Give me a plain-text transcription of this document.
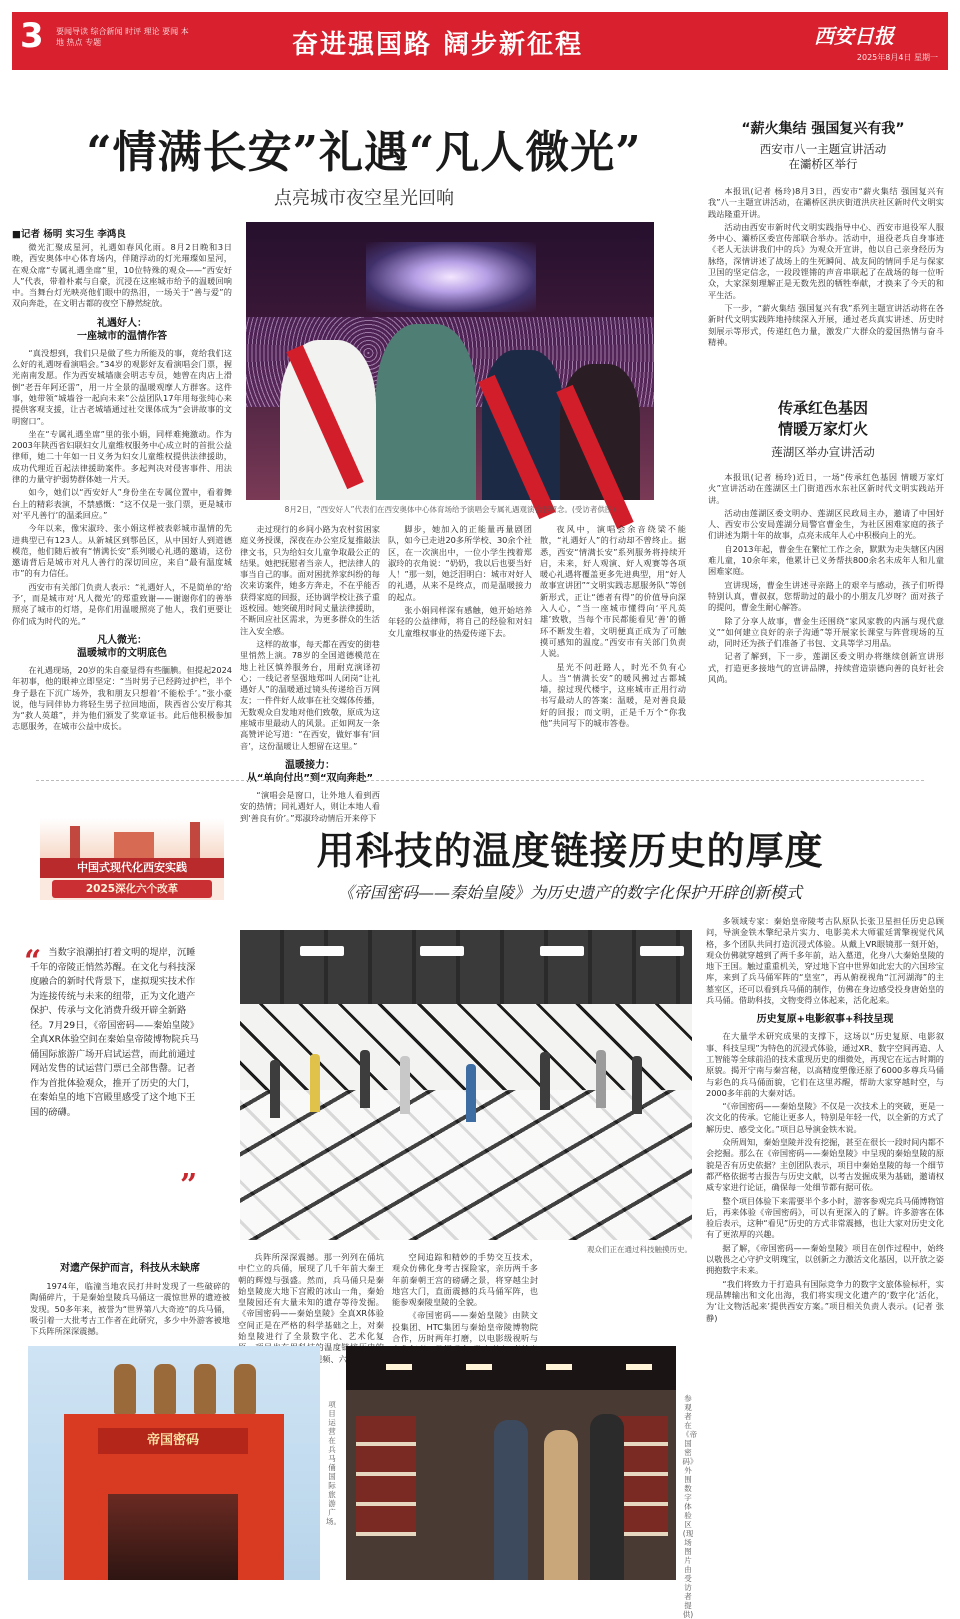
3 要闻导读 综合新闻 时评 理论 要闻 本地 热点 专题	奋进强国路 阔步新征程	西安日报
2025年8月4日 星期一
“情满长安”礼遇“凡人微光”
点亮城市夜空星光回响
■记者 杨明 实习生 李鸿良

微光汇聚成星河，礼遇如春风化雨。8月2日晚和3日晚，西安奥体中心体育场内，伴随浮动的灯光璀璨如星河，在观众席“专属礼遇坐席”里，10位特殊的观众——“西安好人”代表，带着朴素与自豪，沉浸在这座城市给予的温暖回响中。当舞台灯光映亮他们眼中的热泪，一场关于“善与爱”的双向奔赴，在文明古都的夜空下静然绽放。

礼遇好人：
一座城市的温情作答

“真没想到，我们只是做了些力所能及的事，竟给我们这么好的礼遇呀看演唱会。”34岁的观影好友看演唱会门票，握光南南发愿。作为西安城墙康会明志专员，她曾在肉店上滑倒“老吾年阿还雷”，用一片全景的温暖观摩人方群客。这件事，她带领“城墙谷一起向未来”公益团队17年用每张纯心来提供客观支援，让古老城墙通过社交课体成为“会讲故事的文明窗口”。

坐在“专属礼遇坐席”里的张小娟，同样难掩激动。作为2003年陕西省妇联妇女儿童维权服务中心成立时的首批公益律师，她二十年如一日义务为妇女儿童维权提供法律援助，成功代理近百起法律援助案件。多起判决对侵害事件、用法律的力量守护弱势群体她一片天。

如今，她们以“西安好人”身份坐在专属位置中，看着舞台上的精彩表演，不禁感慨：“这不仅是一张门票，更是城市对‘平凡善行’的温柔回应。”

今年以来，像宋淑玲、张小娟这样被表彰城市温情的先进典型已有123人。从新城区到鄠邑区，从中国好人到道德模范，他们随后被有“情满长安”系列暖心礼遇的邀请，这份邀请背后是城市对凡人善行的深切回应，来自“最有温度城市”的有力信任。

西安市有关部门负责人表示：“礼遇好人，不是简单的‘给予’，而是城市对‘凡人微光’的郑重致谢——谢谢你们的善举照亮了城市的灯塔，是你们用温暖照亮了他人，我们更要让你们成为时代的光。”

凡人微光：
温暖城市的文明底色

在礼遇现场，20岁的朱自豪显得有些腼腆。但提起2024年初事，他的眼神立即坚定：“当时男子已经跨过护栏，半个身子悬在下沉广场外，我和朋友只想着‘不能松手’。”张小豪说，他与同伴协力将轻生男子拉回地面，陕西省公安厅称其为“救人英雄”，并为他们颁发了奖章证书。此后他积极参加志愿服务，在城市公益中成长。

8月2日，“西安好人”代表们在西安奥体中心体育场给予演唱会专属礼遇观演合影留念。(受访者供图)

走过现行的乡间小路为农村贫困家庭义务授课，深夜在办公室反复推敲法律文书，只为给妇女儿童争取最公正的结果。她把抚慰者当亲人，把法律人的事当自己的事。面对困扰养家纠纷的每次来访案件，她多方奔走，不在乎能否获得家庭的回报，还协调学校让孩子重返校园。她突破用时间丈量法律援助，不断回应社区需求，为更多群众的生活注入安全感。

这样的故事，每天都在西安的街巷里悄然上演。78岁的全国道德模范在地上社区慎养服务台，用耐克演译初心；一线记者坚强地郑叫人闭岗“让礼遇好人”的温暖通过镜头传递给百万网友；一件件好人故事在社交媒体传播，无数观众自发地对他们致敬，原成为这座城市里最动人的风景。正如网友一条高赞评论写道：“在西安，做好事有‘回音’，这份温暖让人想留在这里。”

温暖接力：
从“单向付出”到“双向奔赴”

“演唱会是窗口，让外地人看到西安的热情；同礼遇好人，则让本地人看到‘善良有价’。”郑淑玲动情后开来停下

脚步，她加入的正能量再量剧团队，如今已走进20多所学校、30余个社区，在一次演出中，一位小学生拽着郑淑玲的衣角说：“奶奶，我以后也要当好人！”那一刻，她泛泪明白：城市对好人的礼遇，从来不是终点，而是温暖接力的起点。

张小娟同样深有感触，她开始培养年轻的公益律师，将自己的经验和对妇女儿童维权事业的热爱传递下去。

夜风中，演唱会余音绕梁不能散，“礼遇好人”的行动却不曾终止。据悉，西安“情满长安”系列服务将持续开启，未来，好人观演、好人观赛等各项暖心礼遇将覆盖更多先进典型，用“好人故事宣讲团”“文明实践志愿服务队”等创新形式，正让“德者有得”的价值导向深入人心，“当一座城市懂得向‘平凡英雄’致敬，当每个市民都能看见‘善’的循环不断发生着，文明便真正成为了可触摸可感知的温度。”西安市有关部门负责人说。

星光不问赶路人，时光不负有心人。当“情满长安”的暖风拂过古都城墙，掠过现代楼宇，这座城市正用行动书写最动人的答案：温暖，是对善良最好的回报；而文明，正是千万个“你我他”共同写下的城市答卷。

“薪火集结 强国复兴有我”
西安市八一主题宣讲活动
在灞桥区举行

本报讯(记者 杨玲)8月3日，西安市“薪火集结 强国复兴有我”八一主题宣讲活动，在灞桥区洪庆街道洪庆社区新时代文明实践站隆重开讲。

活动由西安市新时代文明实践指导中心、西安市退役军人服务中心、灞桥区委宣传部联合举办。活动中，退役老兵自身事迹《老人无法讲我们中的兵》为观众开宣讲，他以自己亲身经历为脉络，深情讲述了战场上的生死瞬间、战友间的情同手足与保家卫国的坚定信念，一段段铿锵的声音串联起了在战场的每一位听众，大家深刻理解正是无数先烈的牺牲奉献，才换来了今天的和平生活。

下一步，“薪火集结 强国复兴有我”系列主题宣讲活动将在各新时代文明实践阵地持续深入开展，通过老兵真实讲述、历史时刻展示等形式，传递红色力量，激发广大群众的爱国热情与奋斗精神。

传承红色基因
情暖万家灯火
莲湖区举办宣讲活动

本报讯(记者 杨玲)近日，一场“传承红色基因 情暖万家灯火”宣讲活动在莲湖区土门街道西水东社区新时代文明实践站开讲。

活动由莲湖区委文明办、莲湖区民政局主办，邀请了中国好人、西安市公安局莲湖分局警官曹金生，为社区困难家庭的孩子们讲述为期十年的故事，点亮未成年人心中积极向上的光。

自2013年起，曹金生在繁忙工作之余，默默为走失辖区内困难儿童，10余年来，他累计已义务帮扶800余名未成年人和儿童困难家庭。

宣讲现场，曹金生讲述寻亲路上的艰辛与感动，孩子们听得特别认真，曹叔叔，您帮助过的最小的小朋友几岁呀？面对孩子的提问，曹金生耐心解答。

除了分享人故事，曹金生还围绕“家风家教的内涵与现代意义”“如何建立良好的亲子沟通”等开展家长课堂与阵营现场的互动，同时还为孩子们准备了书包、文具等学习用品。

记者了解到，下一步，莲湖区委文明办将继续创新宣讲形式，打造更多接地气的宣讲品牌，持续营造崇德向善的良好社会风尚。

中国式现代化西安实践
2025深化六个改革
用科技的温度链接历史的厚度
《帝国密码——秦始皇陵》为历史遗产的数字化保护开辟创新模式
“ 当数字浪潮拍打着文明的堤岸，沉睡千年的帝陵正悄然苏醒。在文化与科技深度融合的新时代背景下，虚拟现实技术作为连接传统与未来的纽带，正为文化遗产保护、传承与文化消费升级开辟全新路径。7月29日，《帝国密码——秦始皇陵》全真XR体验空间在秦始皇帝陵博物院兵马俑国际旅游广场开启试运营，而此前通过网站发售的试运营门票已全部售罄。记者作为首批体验观众，推开了历史的大门，在秦始皇的地下宫殿里感受了这个地下王国的磅礴。
”
观众们正在通过科技触摸历史。
对遗产保护而言，科技从未缺席

1974年，临潼当地农民打井时发现了一些破碎的陶俑碎片，于是秦始皇陵兵马俑这一震惊世界的遗迹被发现。50多年来，被誉为“世界第八大奇迹”的兵马俑，吸引着一大批考古工作者在此研究，多少中外游客被地下兵阵所深深震撼。

兵阵所深深震撼。那一列列在俑坑中伫立的兵俑，展现了几千年前大秦王朝的辉煌与强盛。然而，兵马俑只是秦始皇陵庞大地下宫殿的冰山一角，秦始皇陵园还有大量未知的遗存等待发掘。《帝国密码——秦始皇陵》全真XR体验空间正是在严格的科学基础之上，对秦始皇陵进行了全景数字化、艺术化复 科技的温度链 K超高清视频、六自由度

空间追踪和精妙的手势交互技术，观众仿佛化身考古探险家，亲历两千多年前秦朝王宫的磅礴之景，将穿越尘封地宫大门，直面震撼的兵马俑军阵，也能参观秦陵皇陵的全貌。

《帝国密码——秦始皇陵》由陕文投集团、HTC集团与秦始皇帝陵博物院合作，历时两年打磨，以电影级视听与

多领域专家：秦始皇帝陵考古队原队长张卫星担任历史总顾问，导演金铁木擎纪录片实力、电影美术大师霍廷霄擎视觉代风格，多个团队共同打造沉浸式体验。从戴上VR眼镜那一刻开始，观众仿佛就穿越到了两千多年前，站入墓道，化身八大秦始皇陵的地下王国。触过重重机关，穿过地下宫中世界如此宏大的六国珍宝库，来到了兵马俑军阵的“皇室”，再从俯视视角“江河湖海”的主墓室区，还可以看到兵马俑的制作，仿佛在身边感受投身唐始皇的兵马俑。借助科技，文物变得立体起来，活化起来。

历史复原+电影叙事+科技呈现

在大量学术研究成果的支撑下，这场以“历史复原、电影叙事、科技呈现”为特色的沉浸式体验，通过XR、数字空间再造、人工智能等全球前沿的技术重现历史的细微处，再现它在远古时期的原貌。揭开宁南与秦宫秘，以高精度塑像还原了6000多尊兵马俑与彩色的兵马俑面貌，它们在这里苏醒，帮助大家穿越时空，与2000多年前的大秦对话。

“《帝国密码——秦始皇陵》不仅是一次技术上的突破，更是一次文化的传承。它能让更多人，特别是年轻一代，以全新的方式了解历史、感受文化。”项目总导演金铁木说。

众所周知，秦始皇陵并没有挖掘，甚至在很长一段时间内都不会挖掘。那么在《帝国密码——秦始皇陵》中呈现的秦始皇陵的原貌是否有历史依据？主创团队表示，项目中秦始皇陵的每一个细节都严格依据考古报告与历史文献，以考古发掘成果为基础，邀请权威专家进行论证，确保每一处细节都有据可依。

整个项目体验下来需要半个多小时，游客参观完兵马俑博物馆后，再来体验《帝国密码》，可以有更深入的了解。许多游客在体验后表示，这种“看见”历史的方式非常震撼，也让大家对历史文化有了更浓厚的兴趣。

据了解，《帝国密码——秦始皇陵》项目在创作过程中，始终以敬畏之心守护文明瑰宝，以创新之力激活文化基因，以开放之姿拥抱数字未来。

“我们将致力于打造具有国际竞争力的数字文旅体验标杆，实现品牌输出和文化出海，我们将实现文化遗产的‘数字化’活化，为‘让文物活起来’提供西安方案。”项目相关负责人表示。(记者 张静)

帝国密码
项目运营在兵马俑国际旅游广场。
参观者在《帝国密码》外围数字体验区(现场图片由受访者提供)
